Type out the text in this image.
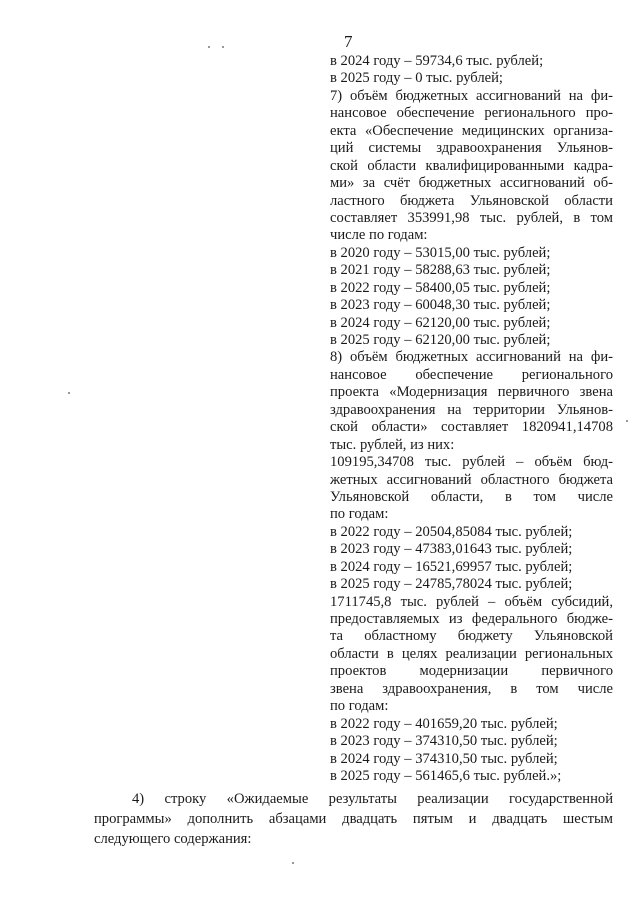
7
в 2024 году – 59734,6 тыс. рублей;
в 2025 году – 0 тыс. рублей;
7) объём бюджетных ассигнований на фи-
нансовое обеспечение регионального про-
екта «Обеспечение медицинских организа-
ций системы здравоохранения Ульянов-
ской области квалифицированными кадра-
ми» за счёт бюджетных ассигнований об-
ластного бюджета Ульяновской области
составляет 353991,98 тыс. рублей, в том
числе по годам:
в 2020 году – 53015,00 тыс. рублей;
в 2021 году – 58288,63 тыс. рублей;
в 2022 году – 58400,05 тыс. рублей;
в 2023 году – 60048,30 тыс. рублей;
в 2024 году – 62120,00 тыс. рублей;
в 2025 году – 62120,00 тыс. рублей;
8) объём бюджетных ассигнований на фи-
нансовое обеспечение регионального
проекта «Модернизация первичного звена
здравоохранения на территории Ульянов-
ской области» составляет 1820941,14708
тыс. рублей, из них:
109195,34708 тыс. рублей – объём бюд-
жетных ассигнований областного бюджета
Ульяновской области, в том числе
по годам:
в 2022 году – 20504,85084 тыс. рублей;
в 2023 году – 47383,01643 тыс. рублей;
в 2024 году – 16521,69957 тыс. рублей;
в 2025 году – 24785,78024 тыс. рублей;
1711745,8 тыс. рублей – объём субсидий,
предоставляемых из федерального бюдже-
та областному бюджету Ульяновской
области в целях реализации региональных
проектов модернизации первичного
звена здравоохранения, в том числе
по годам:
в 2022 году – 401659,20 тыс. рублей;
в 2023 году – 374310,50 тыс. рублей;
в 2024 году – 374310,50 тыс. рублей;
в 2025 году – 561465,6 тыс. рублей.»;
4) строку «Ожидаемые результаты реализации государственной
программы» дополнить абзацами двадцать пятым и двадцать шестым
следующего содержания:
